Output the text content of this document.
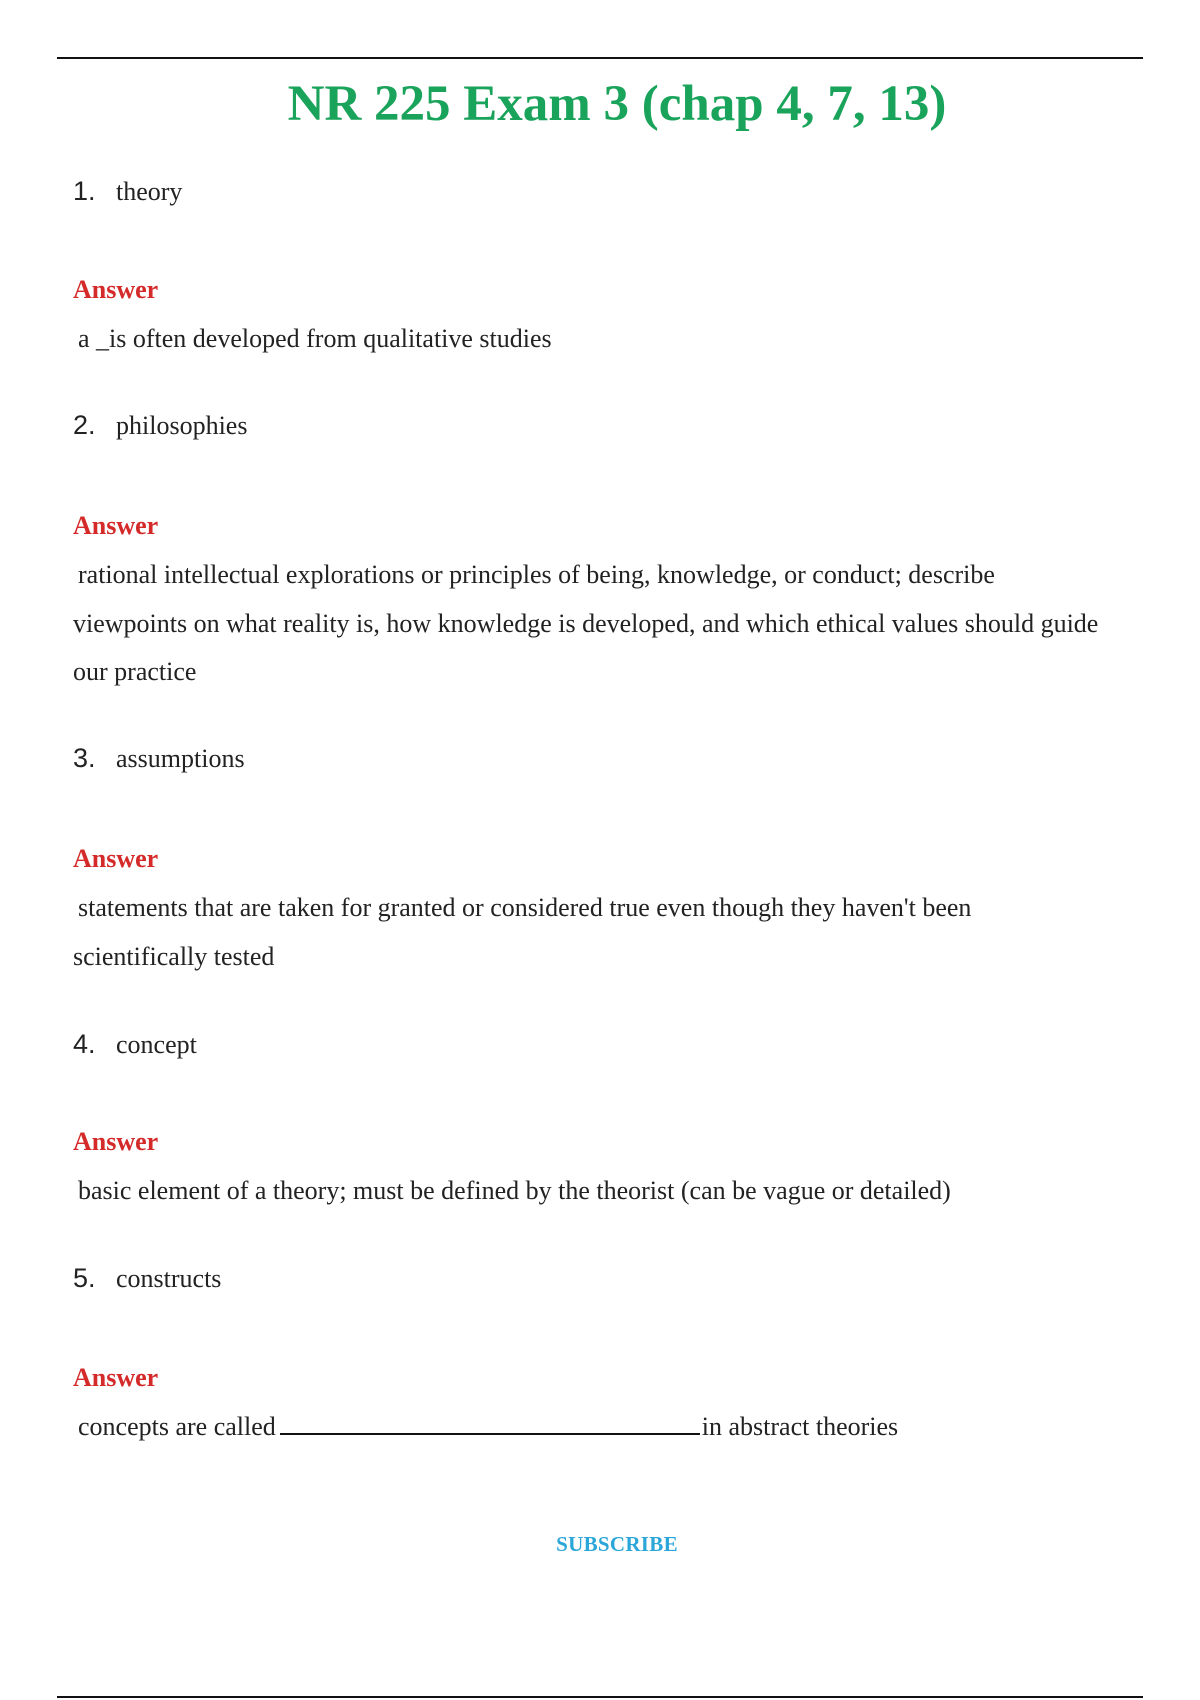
NR 225 Exam 3 (chap 4, 7, 13)
1. theory
Answer
a _is often developed from qualitative studies
2. philosophies
Answer
rational intellectual explorations or principles of being, knowledge, or conduct; describe viewpoints on what reality is, how knowledge is developed, and which ethical values should guide our practice
3. assumptions
Answer
statements that are taken for granted or considered true even though they haven't been scientifically tested
4. concept
Answer
basic element of a theory; must be defined by the theorist (can be vague or detailed)
5. constructs
Answer
concepts are called	in abstract theories
SUBSCRIBE
